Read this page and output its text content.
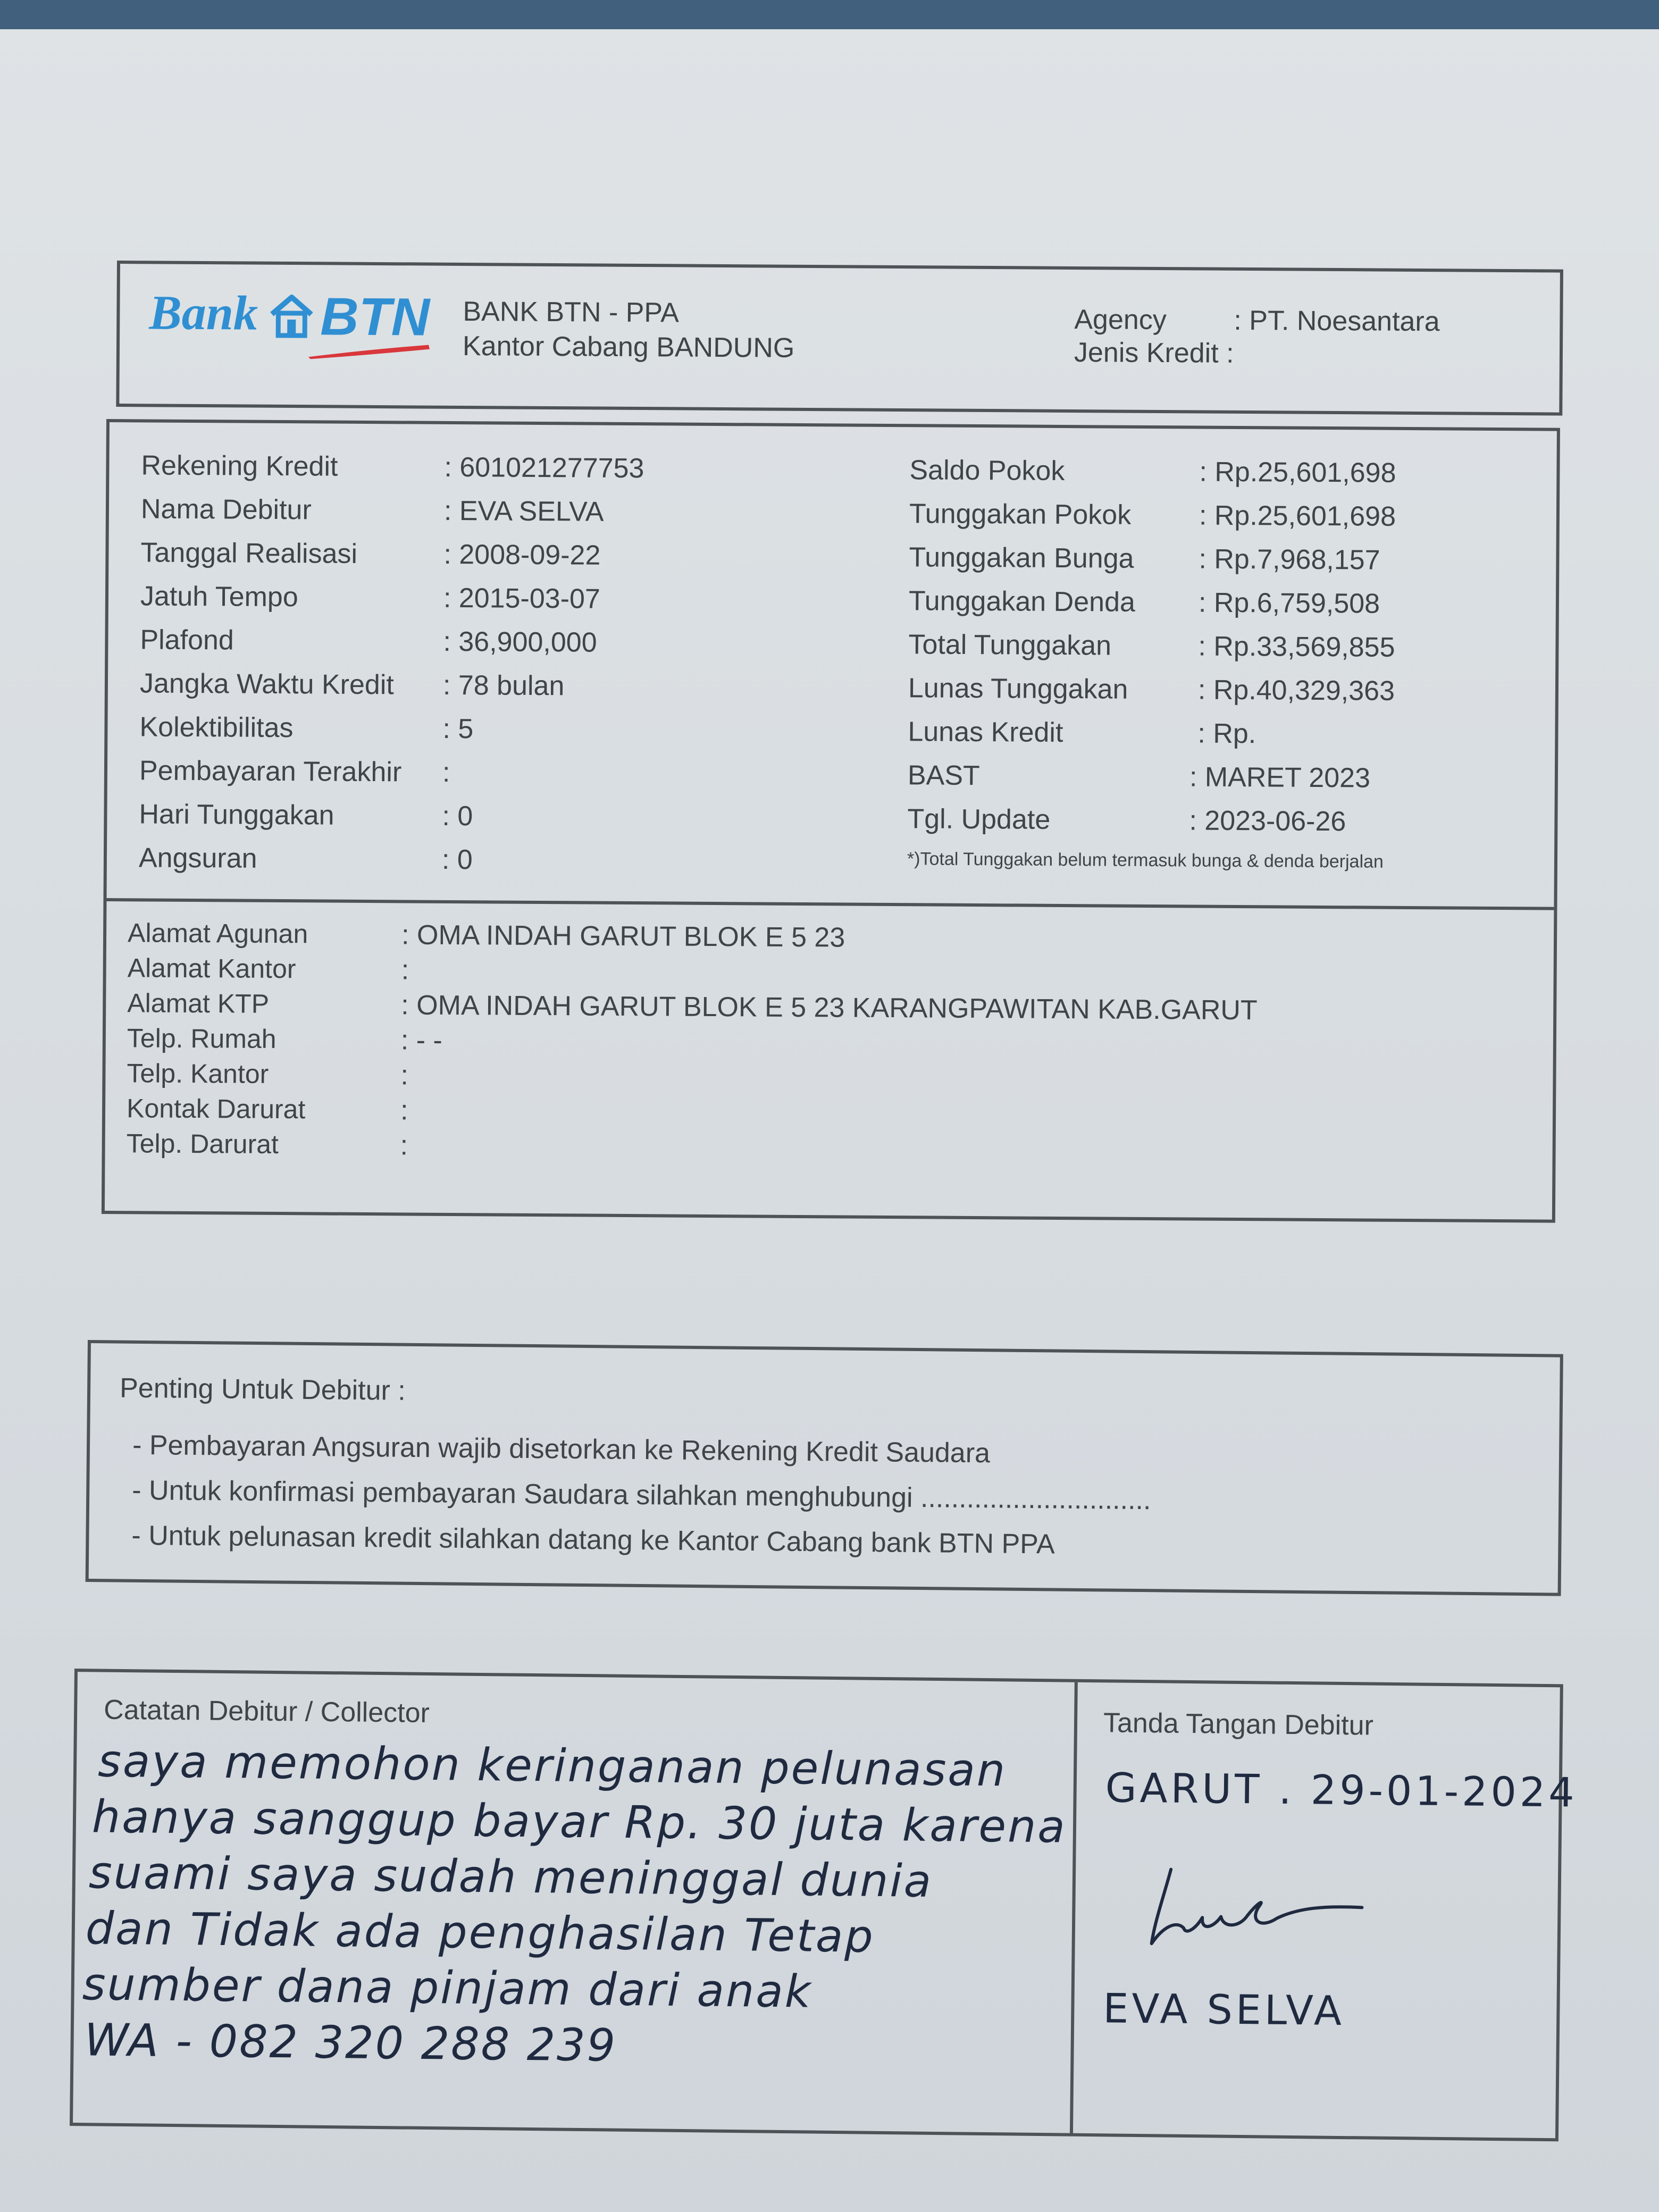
Bank BTN BANK BTN - PPA
Kantor Cabang BANDUNG
Agency : PT. Noesantara
Jenis Kredit :
Rekening Kredit	: 601021277753
Nama Debitur	: EVA SELVA
Tanggal Realisasi	: 2008-09-22
Jatuh Tempo	: 2015-03-07
Plafond	: 36,900,000
Jangka Waktu Kredit : 78 bulan
Kolektibilitas	: 5
Pembayaran Terakhir :
Hari Tunggakan	: 0
Angsuran	: 0
Saldo Pokok	: Rp.25,601,698
Tunggakan Pokok : Rp.25,601,698
Tunggakan Bunga : Rp.7,968,157
Tunggakan Denda : Rp.6,759,508
Total Tunggakan	: Rp.33,569,855
Lunas Tunggakan	: Rp.40,329,363
Lunas Kredit	: Rp.
BAST	: MARET 2023
Tgl. Update	: 2023-06-26
*)Total Tunggakan belum termasuk bunga & denda berjalan
Alamat Agunan	: OMA INDAH GARUT BLOK E 5 23
Alamat Kantor	:
Alamat KTP	: OMA INDAH GARUT BLOK E 5 23 KARANGPAWITAN KAB.GARUT
Telp. Rumah	: - -
Telp. Kantor	:
Kontak Darurat	:
Telp. Darurat	:
Penting Untuk Debitur :
- Pembayaran Angsuran wajib disetorkan ke Rekening Kredit Saudara
- Untuk konfirmasi pembayaran Saudara silahkan menghubungi ..............................
- Untuk pelunasan kredit silahkan datang ke Kantor Cabang bank BTN PPA
Catatan Debitur / Collector
saya memohon keringanan pelunasan
hanya sanggup bayar Rp. 30 juta karena
suami saya sudah meninggal dunia
dan Tidak ada penghasilan Tetap
sumber dana pinjam dari anak
WA - 082 320 288 239
Tanda Tangan Debitur
GARUT . 29-01-2024
EVA SELVA
